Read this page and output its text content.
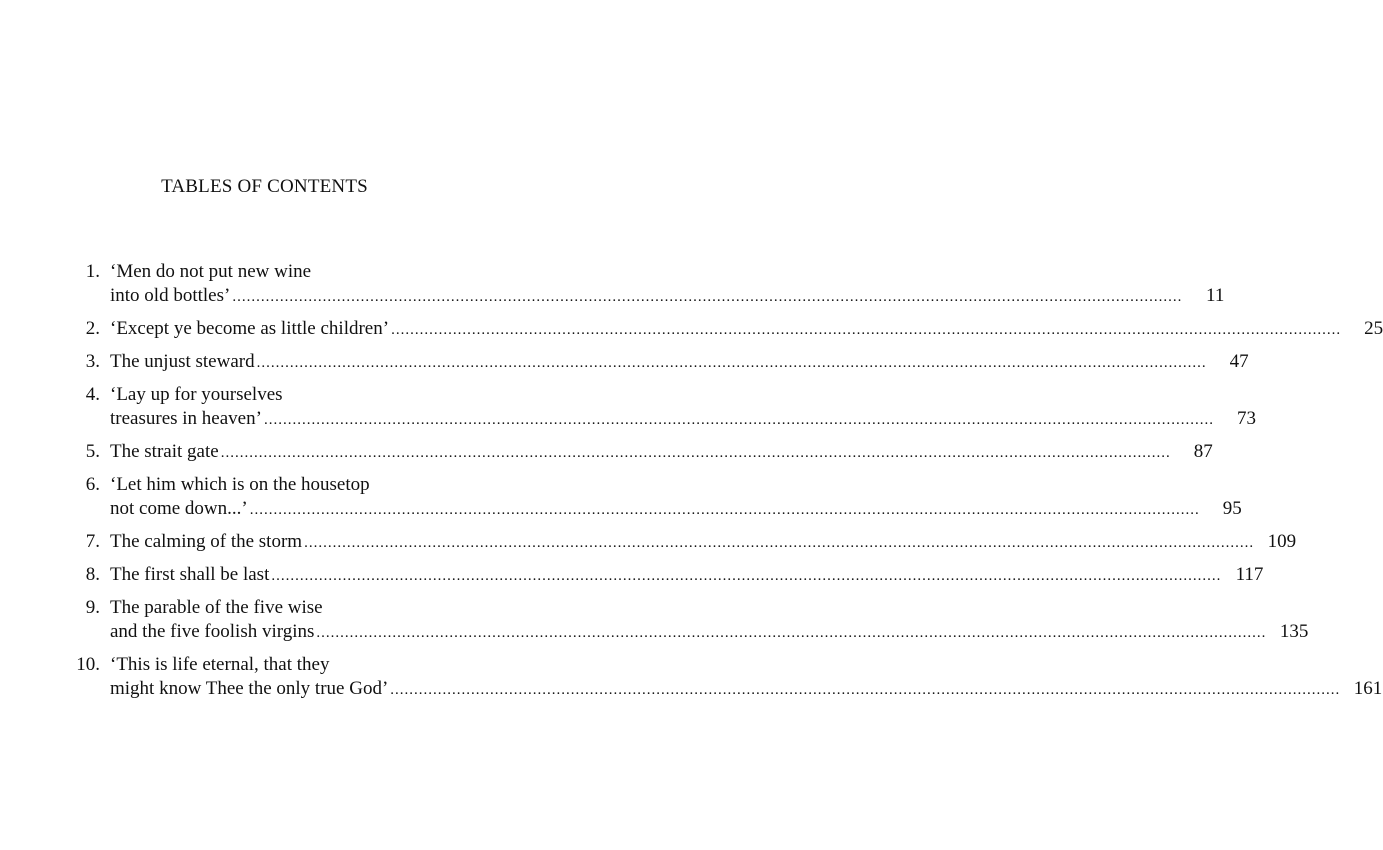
TABLES OF CONTENTS
1. ‘Men do not put new wine
into old bottles’ ........................................................................................................................................................................................................	11
2. ‘Except ye become as little children’ ........................................................................................................................................................................................................	25
3. The unjust steward ........................................................................................................................................................................................................	47
4. ‘Lay up for yourselves
treasures in heaven’ ........................................................................................................................................................................................................	73
5. The strait gate ........................................................................................................................................................................................................	87
6. ‘Let him which is on the housetop
not come down...’ ........................................................................................................................................................................................................	95
7. The calming of the storm ........................................................................................................................................................................................................ 109
8. The first shall be last ........................................................................................................................................................................................................ 117
9. The parable of the five wise
and the five foolish virgins ........................................................................................................................................................................................................ 135
10. ‘This is life eternal, that they
might know Thee the only true God’ ........................................................................................................................................................................................................ 161
